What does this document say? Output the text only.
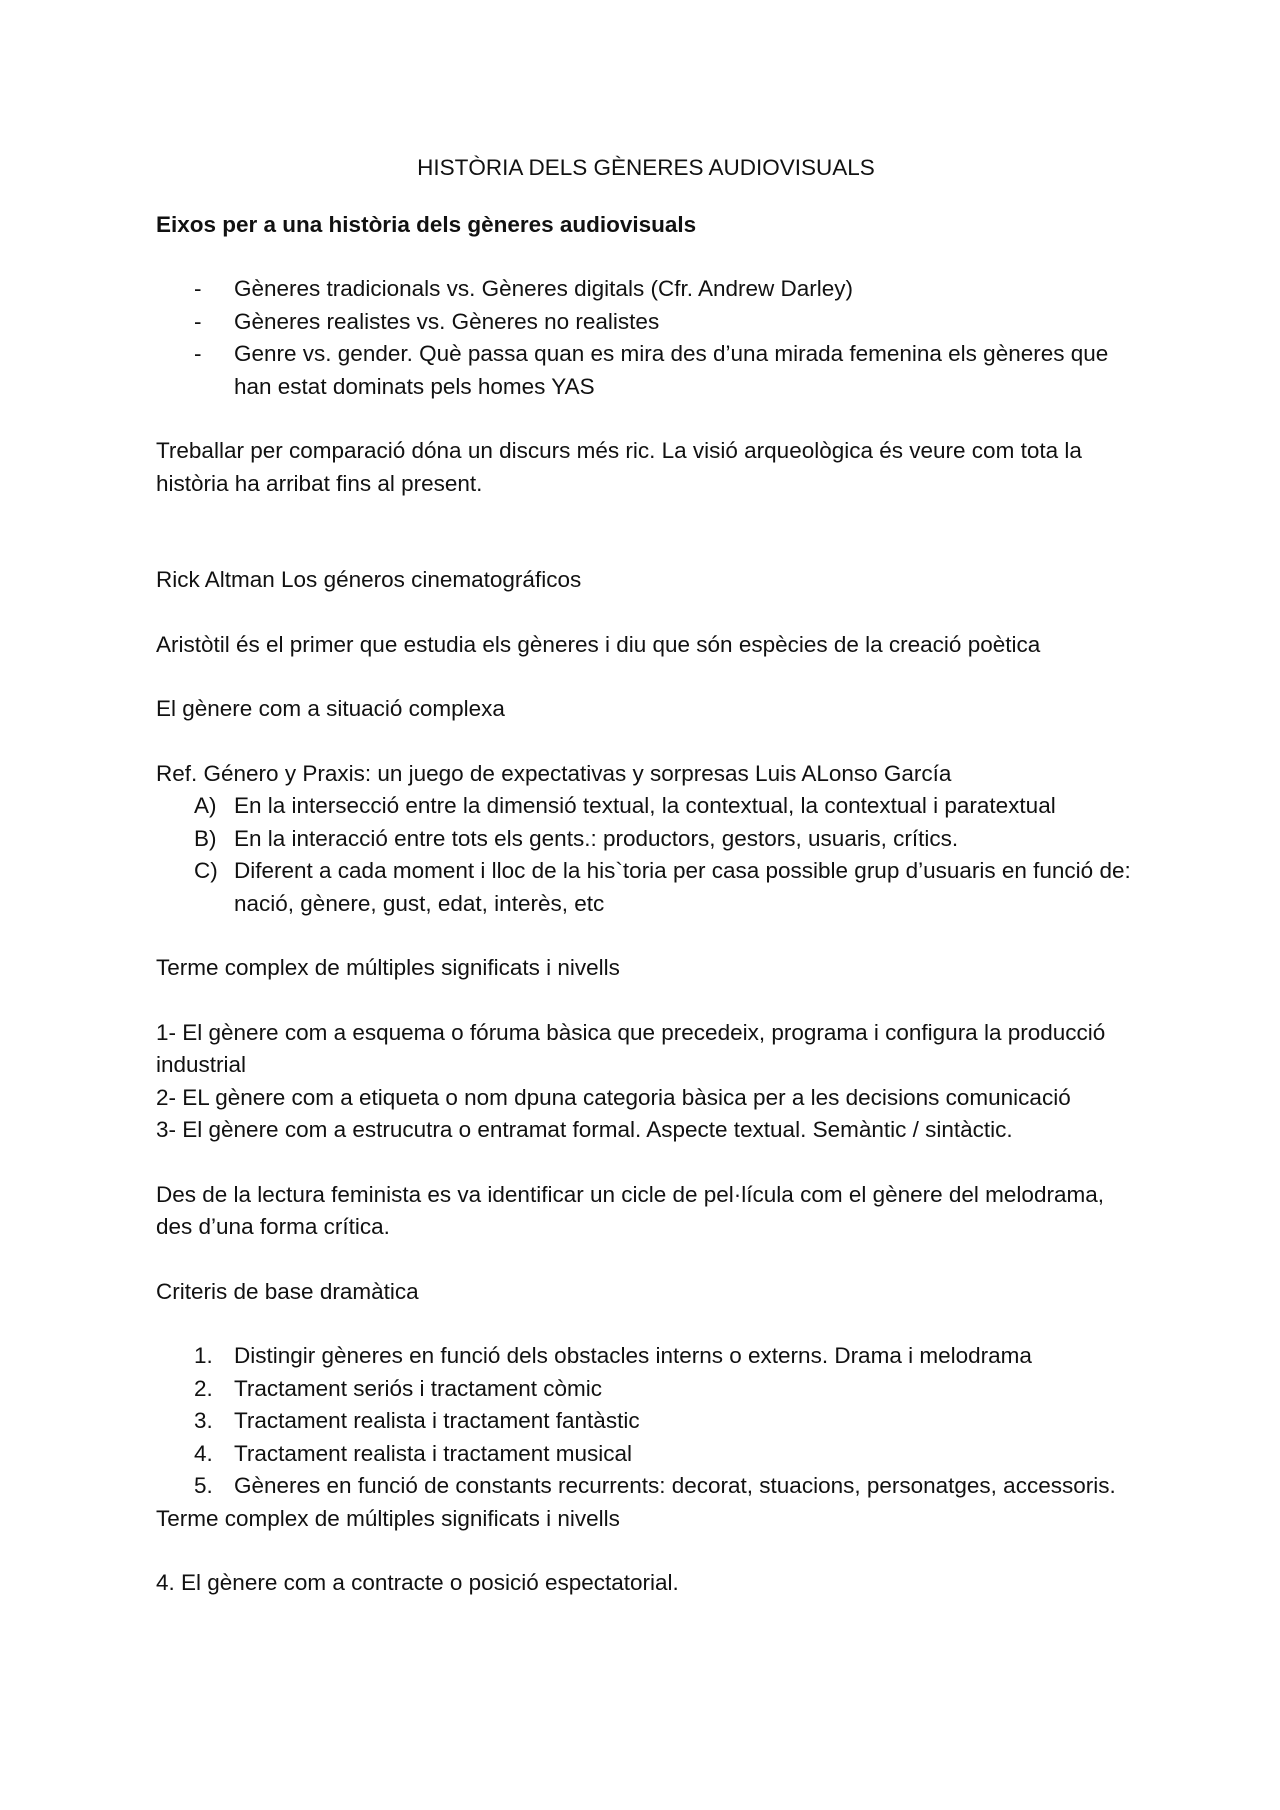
HISTÒRIA DELS GÈNERES AUDIOVISUALS
Eixos per a una història dels gèneres audiovisuals
- Gèneres tradicionals vs. Gèneres digitals (Cfr. Andrew Darley)
- Gèneres realistes vs. Gèneres no realistes
- Genre vs. gender. Què passa quan es mira des d’una mirada femenina els gèneres que han estat dominats pels homes YAS

Treballar per comparació dóna un discurs més ric. La visió arqueològica és veure com tota la història ha arribat fins al present.

Rick Altman Los géneros cinematográficos

Aristòtil és el primer que estudia els gèneres i diu que són espècies de la creació poètica

El gènere com a situació complexa

Ref. Género y Praxis: un juego de expectativas y sorpresas Luis ALonso García

A) En la intersecció entre la dimensió textual, la contextual, la contextual i paratextual
B) En la interacció entre tots els gents.: productors, gestors, usuaris, crítics.
C) Diferent a cada moment i lloc de la his`toria per casa possible grup d’usuaris en funció de: nació, gènere, gust, edat, interès, etc

Terme complex de múltiples significats i nivells

1- El gènere com a esquema o fóruma bàsica que precedeix, programa i configura la producció industrial
2- EL gènere com a etiqueta o nom dpuna categoria bàsica per a les decisions comunicació
3- El gènere com a estrucutra o entramat formal. Aspecte textual. Semàntic / sintàctic.

Des de la lectura feminista es va identificar un cicle de pel·lícula com el gènere del melodrama, des d’una forma crítica.

Criteris de base dramàtica

1. Distingir gèneres en funció dels obstacles interns o externs. Drama i melodrama
2. Tractament seriós i tractament còmic
3. Tractament realista i tractament fantàstic
4. Tractament realista i tractament musical
5. Gèneres en funció de constants recurrents: decorat, stuacions, personatges, accessoris.

Terme complex de múltiples significats i nivells

4. El gènere com a contracte o posició espectatorial.
